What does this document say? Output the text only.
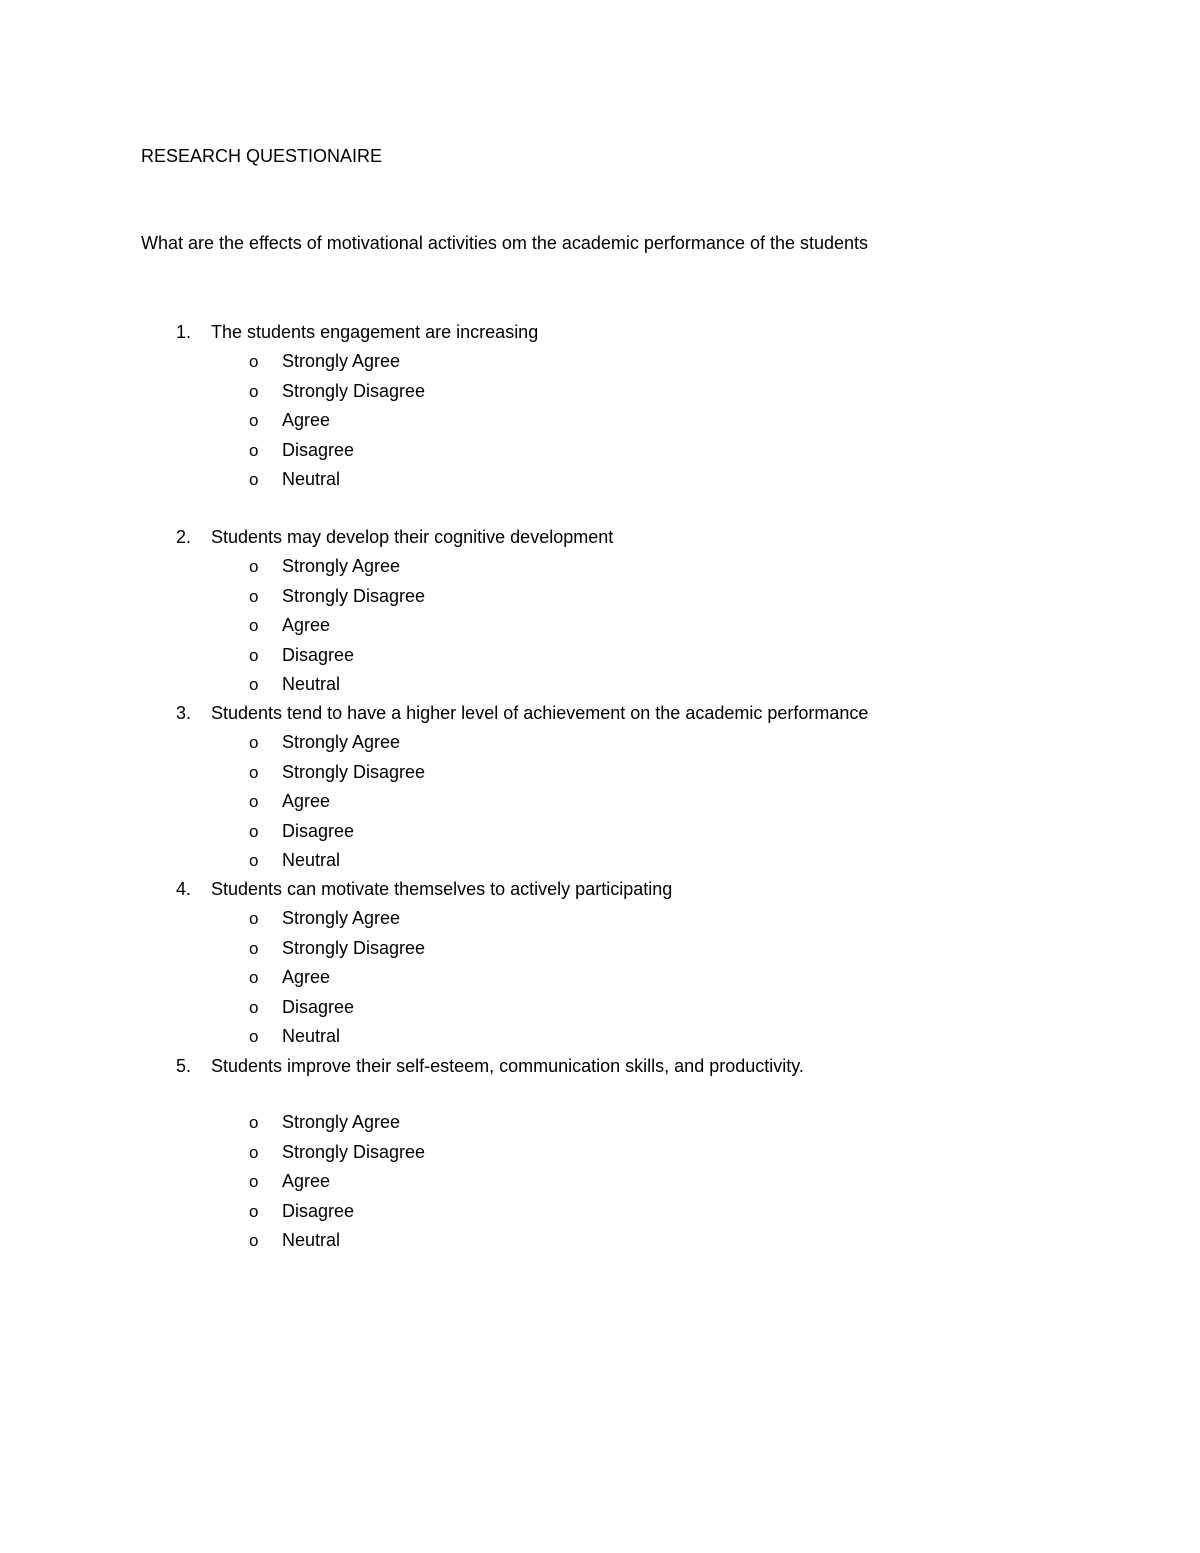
RESEARCH QUESTIONAIRE
What are the effects of motivational activities om the academic performance of the students
1. The students engagement are increasing
o Strongly Agree
o Strongly Disagree
o Agree
o Disagree
o Neutral
2. Students may develop their cognitive development
o Strongly Agree
o Strongly Disagree
o Agree
o Disagree
o Neutral
3. Students tend to have a higher level of achievement on the academic performance
o Strongly Agree
o Strongly Disagree
o Agree
o Disagree
o Neutral
4. Students can motivate themselves to actively participating
o Strongly Agree
o Strongly Disagree
o Agree
o Disagree
o Neutral
5. Students improve their self-esteem, communication skills, and productivity.
o Strongly Agree
o Strongly Disagree
o Agree
o Disagree
o Neutral
